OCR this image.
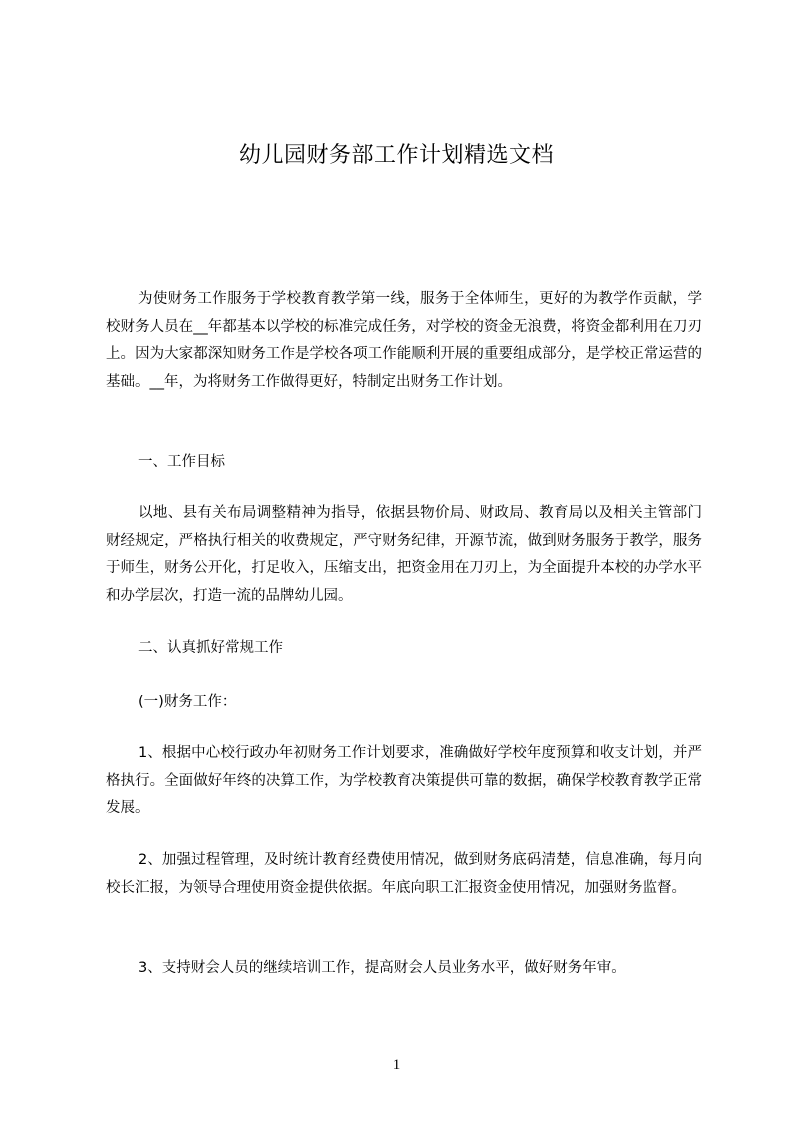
幼儿园财务部工作计划精选文档

为使财务工作服务于学校教育教学第一线，服务于全体师生，更好的为教学作贡献，学校财务人员在__年都基本以学校的标准完成任务，对学校的资金无浪费，将资金都利用在刀刃上。因为大家都深知财务工作是学校各项工作能顺利开展的重要组成部分，是学校正常运营的基础。__年，为将财务工作做得更好，特制定出财务工作计划。

一、工作目标

以地、县有关布局调整精神为指导，依据县物价局、财政局、教育局以及相关主管部门财经规定，严格执行相关的收费规定，严守财务纪律，开源节流，做到财务服务于教学，服务于师生，财务公开化，打足收入，压缩支出，把资金用在刀刃上，为全面提升本校的办学水平和办学层次，打造一流的品牌幼儿园。

二、认真抓好常规工作

(一)财务工作：

1、根据中心校行政办年初财务工作计划要求，准确做好学校年度预算和收支计划，并严格执行。全面做好年终的决算工作，为学校教育决策提供可靠的数据，确保学校教育教学正常发展。

2、加强过程管理，及时统计教育经费使用情况，做到财务底码清楚，信息准确，每月向校长汇报，为领导合理使用资金提供依据。年底向职工汇报资金使用情况，加强财务监督。

3、支持财会人员的继续培训工作，提高财会人员业务水平，做好财务年审。

1
